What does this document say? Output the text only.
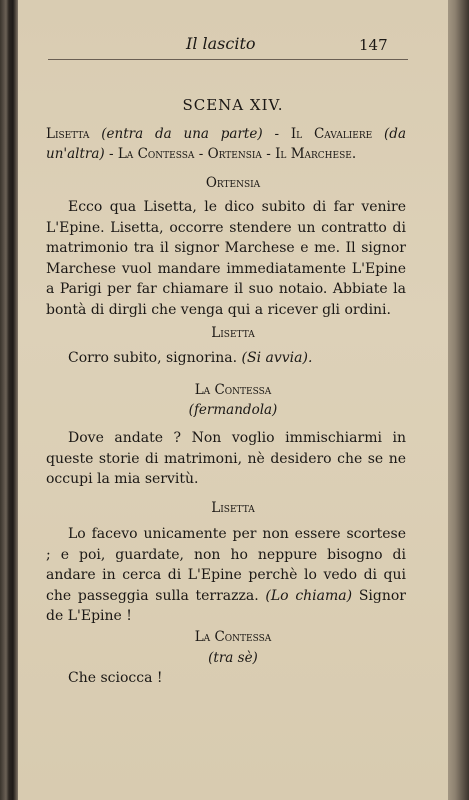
Il lascito	147
SCENA XIV.
Lisetta (entra da una parte) - Il Cavaliere (da un'altra) - La Contessa - Ortensia - Il Marchese.
Ortensia
Ecco qua Lisetta, le dico subito di far venire L'Epine. Lisetta, occorre stendere un contratto di matrimonio tra il signor Marchese e me. Il signor Marchese vuol mandare immediatamente L'Epine a Parigi per far chiamare il suo notaio. Abbiate la bontà di dirgli che venga qui a ricever gli ordini.
Lisetta
Corro subito, signorina. (Si avvia).
La Contessa
(fermandola)
Dove andate ? Non voglio immischiarmi in queste storie di matrimoni, nè desidero che se ne occupi la mia servitù.
Lisetta
Lo facevo unicamente per non essere scortese ; e poi, guardate, non ho neppure bisogno di andare in cerca di L'Epine perchè lo vedo di qui che passeggia sulla terrazza. (Lo chiama) Signor de L'Epine !
La Contessa
(tra sè)
Che sciocca !
